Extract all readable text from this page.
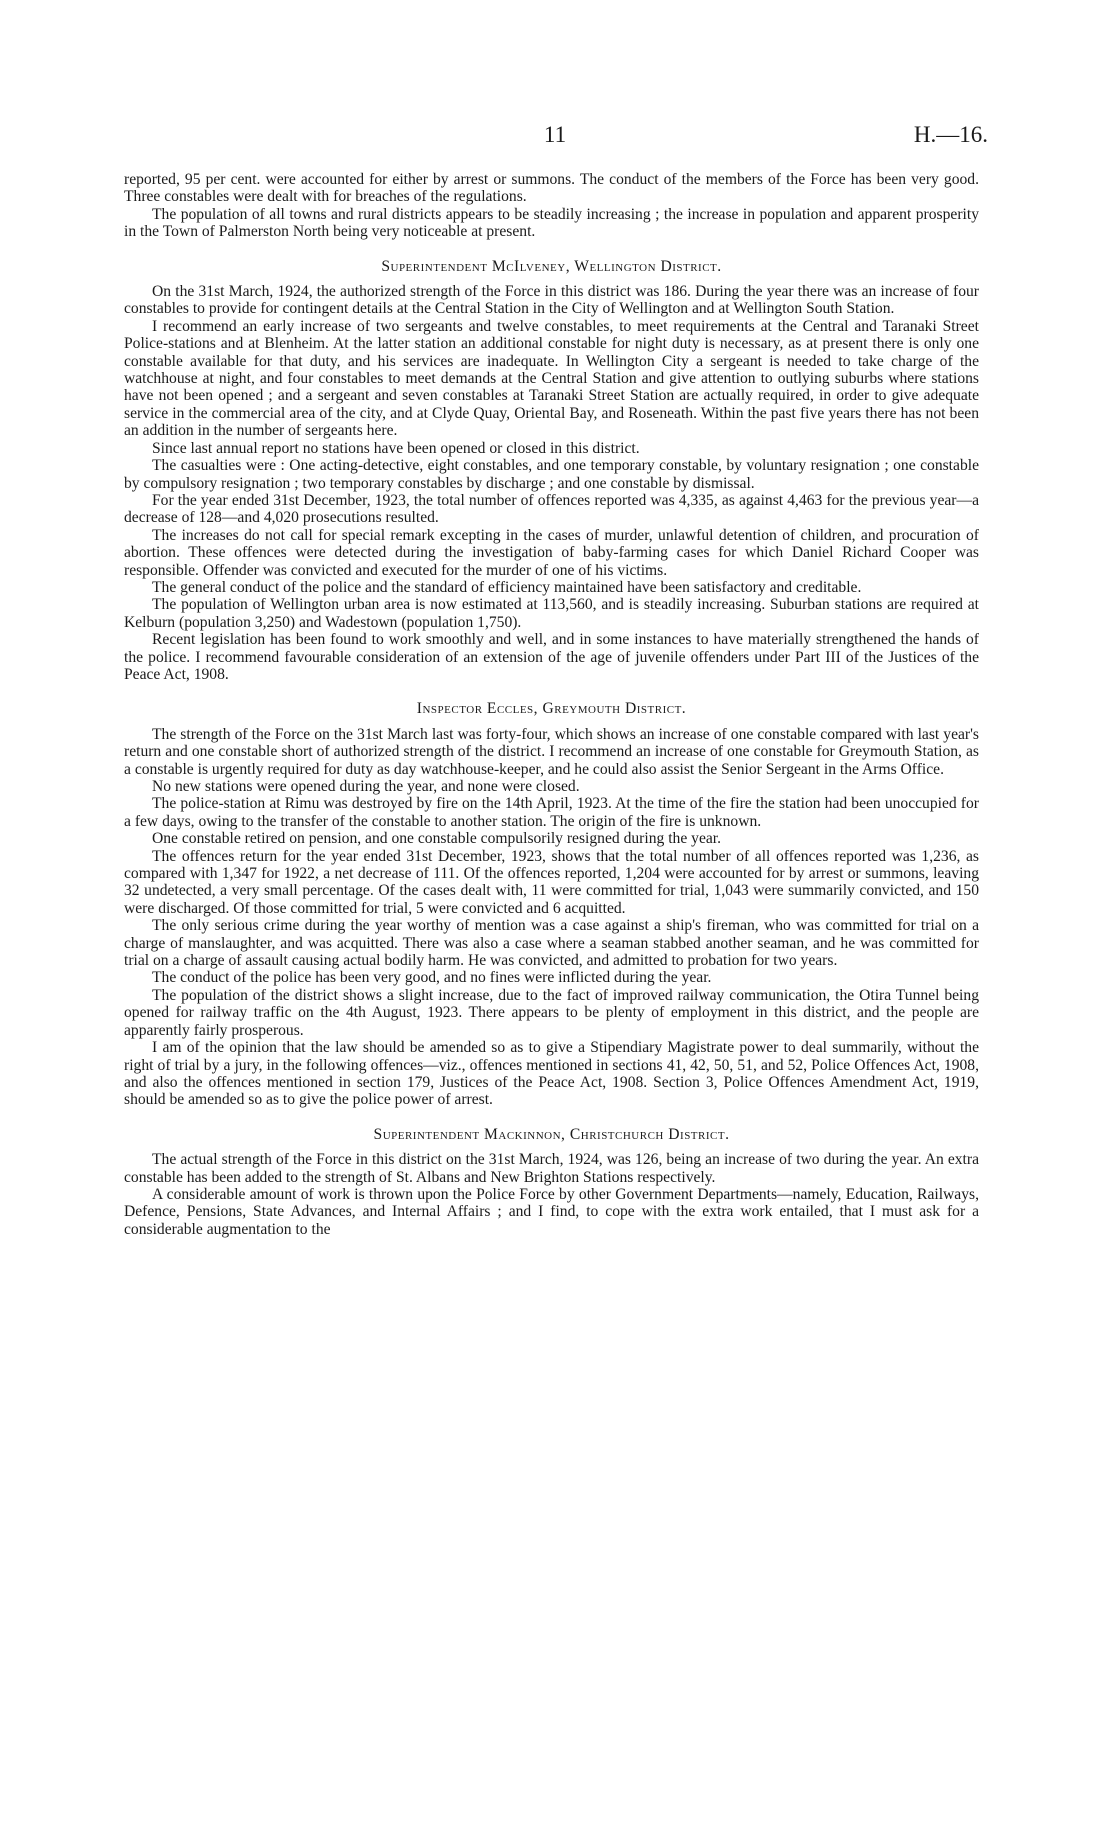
11	H.—16.

reported, 95 per cent. were accounted for either by arrest or summons. The conduct of the members of the Force has been very good. Three constables were dealt with for breaches of the regulations.

The population of all towns and rural districts appears to be steadily increasing ; the increase in population and apparent prosperity in the Town of Palmerston North being very noticeable at present.

Superintendent McIlveney, Wellington District.

On the 31st March, 1924, the authorized strength of the Force in this district was 186. During the year there was an increase of four constables to provide for contingent details at the Central Station in the City of Wellington and at Wellington South Station.

I recommend an early increase of two sergeants and twelve constables, to meet requirements at the Central and Taranaki Street Police-stations and at Blenheim. At the latter station an additional constable for night duty is necessary, as at present there is only one constable available for that duty, and his services are inadequate. In Wellington City a sergeant is needed to take charge of the watchhouse at night, and four constables to meet demands at the Central Station and give attention to outlying suburbs where stations have not been opened ; and a sergeant and seven constables at Taranaki Street Station are actually required, in order to give adequate service in the commercial area of the city, and at Clyde Quay, Oriental Bay, and Roseneath. Within the past five years there has not been an addition in the number of sergeants here.

Since last annual report no stations have been opened or closed in this district.

The casualties were : One acting-detective, eight constables, and one temporary constable, by voluntary resignation ; one constable by compulsory resignation ; two temporary constables by discharge ; and one constable by dismissal.

For the year ended 31st December, 1923, the total number of offences reported was 4,335, as against 4,463 for the previous year—a decrease of 128—and 4,020 prosecutions resulted.

The increases do not call for special remark excepting in the cases of murder, unlawful detention of children, and procuration of abortion. These offences were detected during the investigation of baby-farming cases for which Daniel Richard Cooper was responsible. Offender was convicted and executed for the murder of one of his victims.

The general conduct of the police and the standard of efficiency maintained have been satisfactory and creditable.

The population of Wellington urban area is now estimated at 113,560, and is steadily increasing. Suburban stations are required at Kelburn (population 3,250) and Wadestown (population 1,750).

Recent legislation has been found to work smoothly and well, and in some instances to have materially strengthened the hands of the police. I recommend favourable consideration of an extension of the age of juvenile offenders under Part III of the Justices of the Peace Act, 1908.

Inspector Eccles, Greymouth District.

The strength of the Force on the 31st March last was forty-four, which shows an increase of one constable compared with last year's return and one constable short of authorized strength of the district. I recommend an increase of one constable for Greymouth Station, as a constable is urgently required for duty as day watchhouse-keeper, and he could also assist the Senior Sergeant in the Arms Office.

No new stations were opened during the year, and none were closed.

The police-station at Rimu was destroyed by fire on the 14th April, 1923. At the time of the fire the station had been unoccupied for a few days, owing to the transfer of the constable to another station. The origin of the fire is unknown.

One constable retired on pension, and one constable compulsorily resigned during the year.

The offences return for the year ended 31st December, 1923, shows that the total number of all offences reported was 1,236, as compared with 1,347 for 1922, a net decrease of 111. Of the offences reported, 1,204 were accounted for by arrest or summons, leaving 32 undetected, a very small percentage. Of the cases dealt with, 11 were committed for trial, 1,043 were summarily convicted, and 150 were discharged. Of those committed for trial, 5 were convicted and 6 acquitted.

The only serious crime during the year worthy of mention was a case against a ship's fireman, who was committed for trial on a charge of manslaughter, and was acquitted. There was also a case where a seaman stabbed another seaman, and he was committed for trial on a charge of assault causing actual bodily harm. He was convicted, and admitted to probation for two years.

The conduct of the police has been very good, and no fines were inflicted during the year.

The population of the district shows a slight increase, due to the fact of improved railway communication, the Otira Tunnel being opened for railway traffic on the 4th August, 1923. There appears to be plenty of employment in this district, and the people are apparently fairly prosperous.

I am of the opinion that the law should be amended so as to give a Stipendiary Magistrate power to deal summarily, without the right of trial by a jury, in the following offences—viz., offences mentioned in sections 41, 42, 50, 51, and 52, Police Offences Act, 1908, and also the offences mentioned in section 179, Justices of the Peace Act, 1908. Section 3, Police Offences Amendment Act, 1919, should be amended so as to give the police power of arrest.

Superintendent Mackinnon, Christchurch District.

The actual strength of the Force in this district on the 31st March, 1924, was 126, being an increase of two during the year. An extra constable has been added to the strength of St. Albans and New Brighton Stations respectively.

A considerable amount of work is thrown upon the Police Force by other Government Departments—namely, Education, Railways, Defence, Pensions, State Advances, and Internal Affairs ; and I find, to cope with the extra work entailed, that I must ask for a considerable augmentation to the
